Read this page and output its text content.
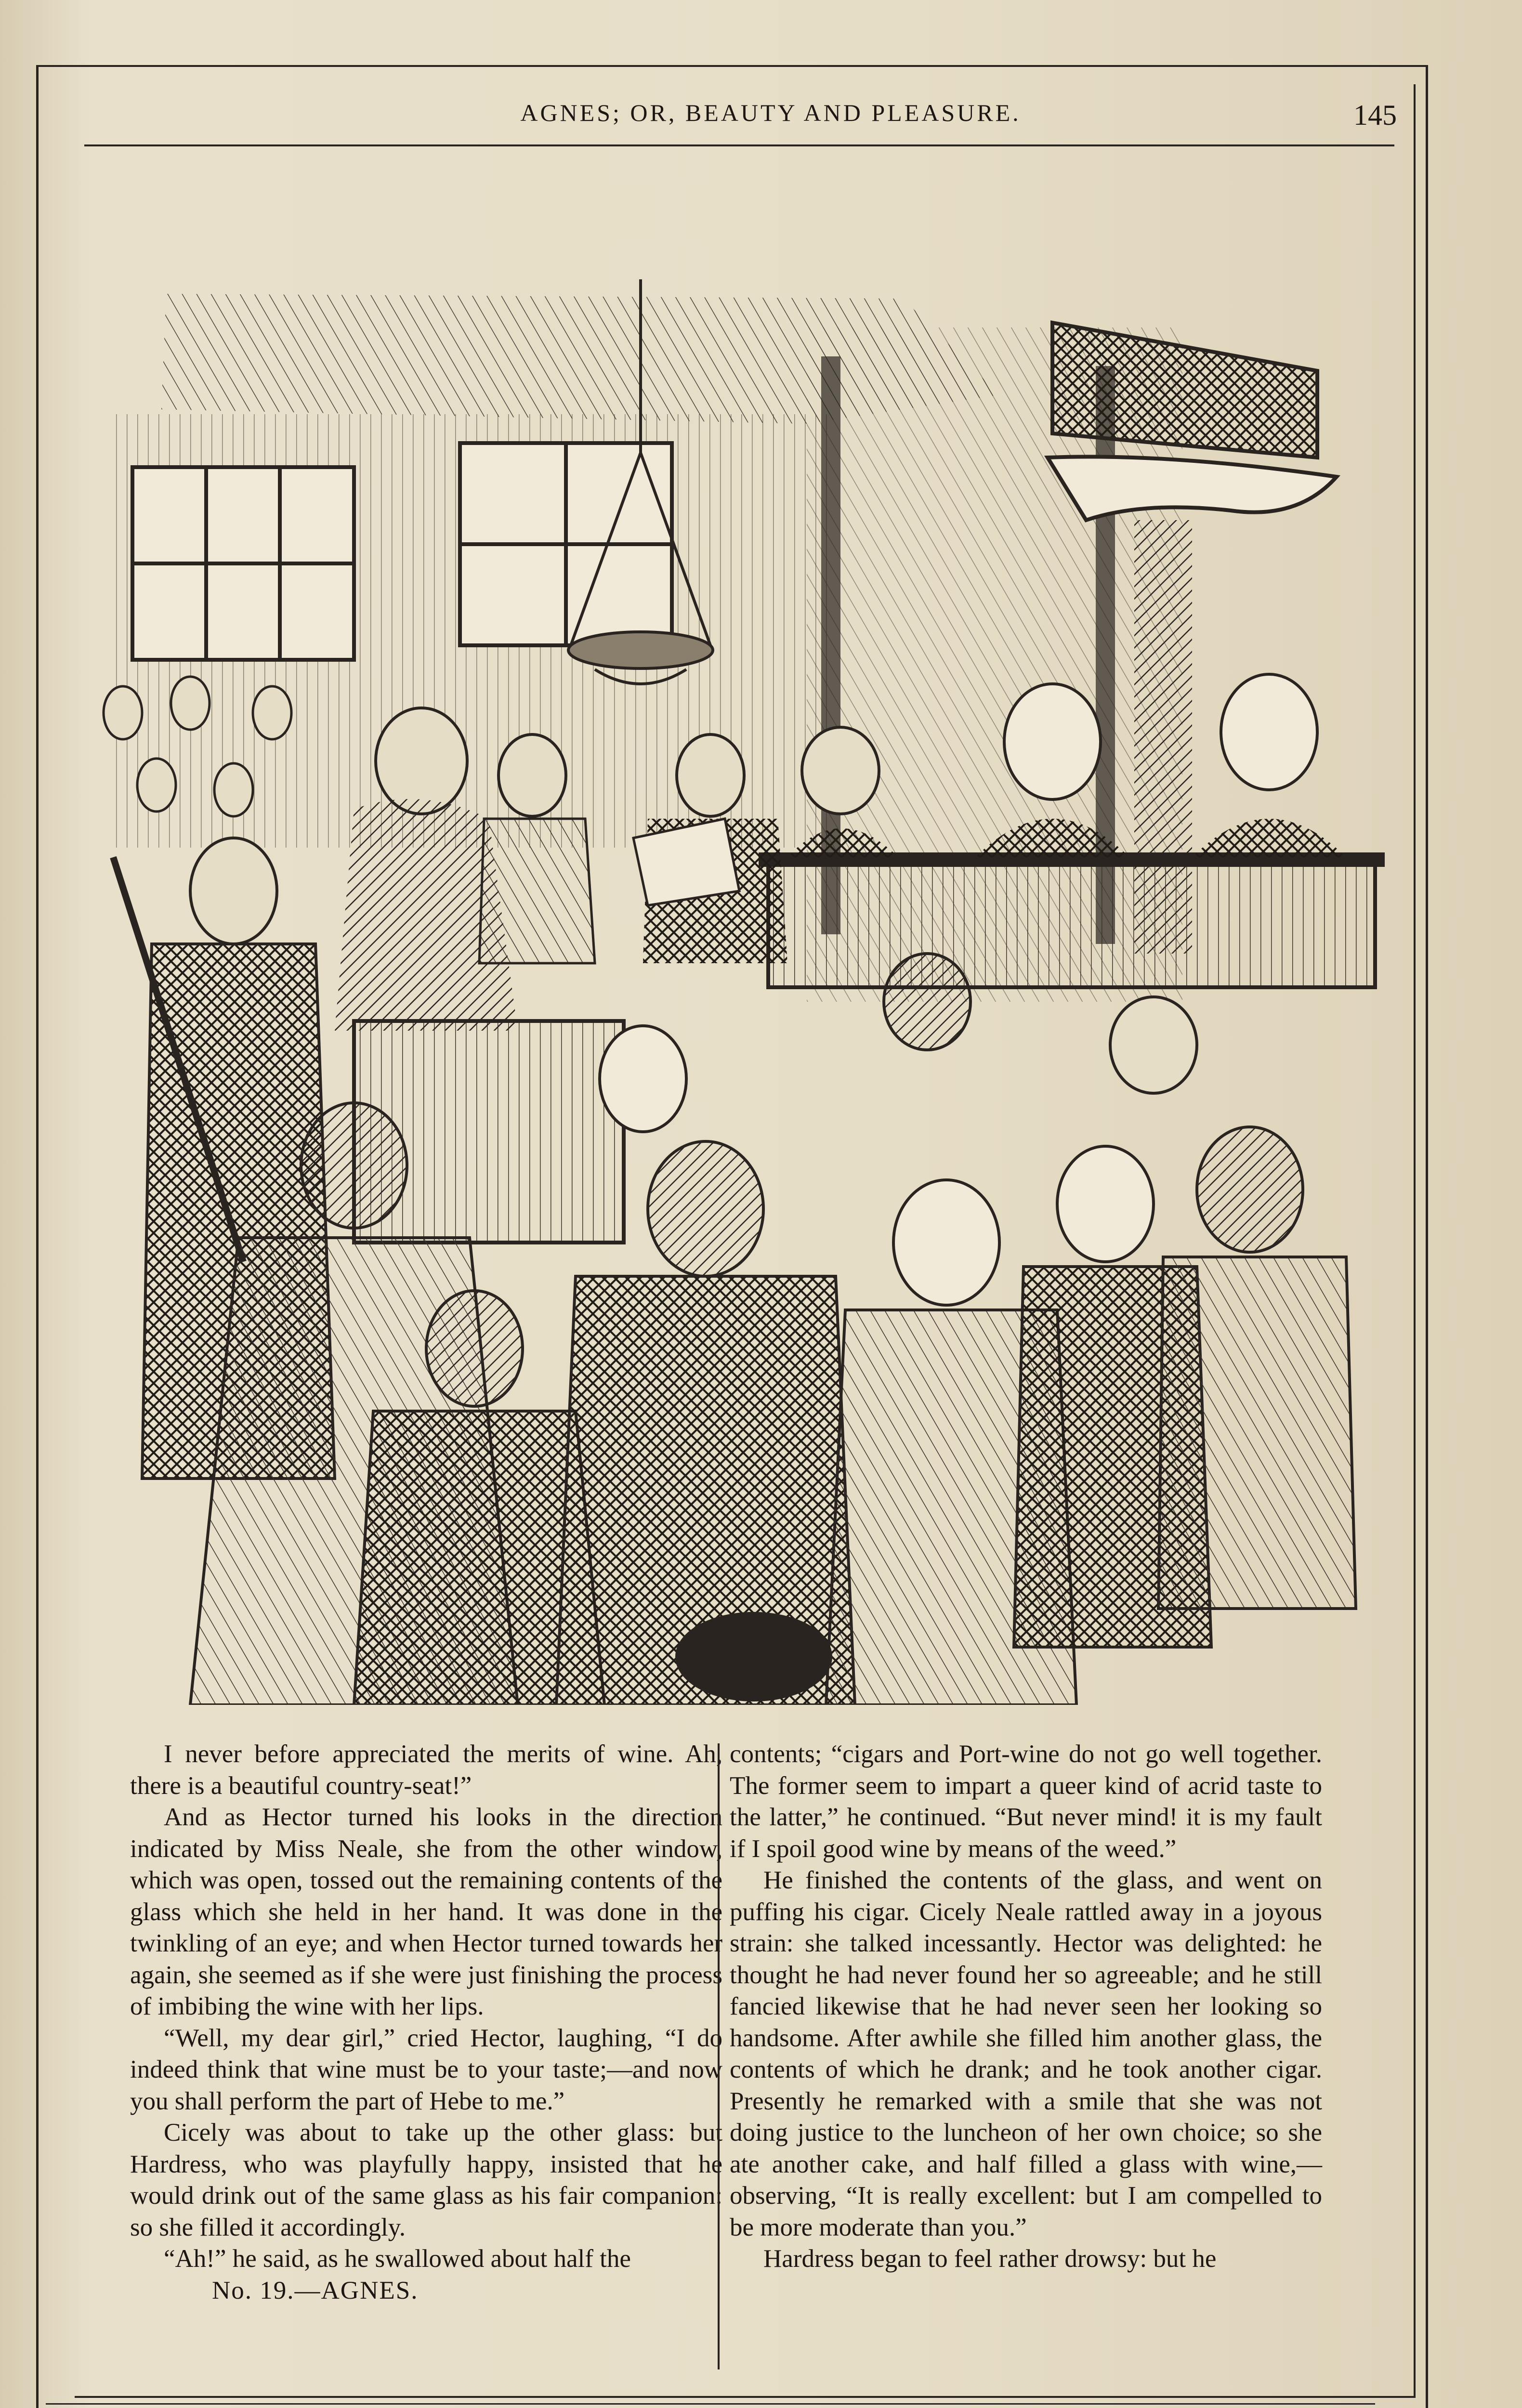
AGNES; OR, BEAUTY AND PLEASURE.	145

I never before appreciated the merits of wine. Ah, there is a beautiful country-seat!”

And as Hector turned his looks in the direction indicated by Miss Neale, she from the other window, which was open, tossed out the remaining contents of the glass which she held in her hand. It was done in the twinkling of an eye; and when Hector turned towards her again, she seemed as if she were just finishing the process of imbibing the wine with her lips.

“Well, my dear girl,” cried Hector, laughing, “I do indeed think that wine must be to your taste;—and now you shall perform the part of Hebe to me.”

Cicely was about to take up the other glass: but Hardress, who was playfully happy, insisted that he would drink out of the same glass as his fair companion: so she filled it accordingly.

“Ah!” he said, as he swallowed about half the

No. 19.—AGNES.

contents; “cigars and Port-wine do not go well together. The former seem to impart a queer kind of acrid taste to the latter,” he continued. “But never mind! it is my fault if I spoil good wine by means of the weed.”

He finished the contents of the glass, and went on puffing his cigar. Cicely Neale rattled away in a joyous strain: she talked incessantly. Hector was delighted: he thought he had never found her so agreeable; and he still fancied likewise that he had never seen her looking so handsome. After awhile she filled him another glass, the contents of which he drank; and he took another cigar. Presently he remarked with a smile that she was not doing justice to the luncheon of her own choice; so she ate another cake, and half filled a glass with wine,—observing, “It is really excellent: but I am compelled to be more moderate than you.”

Hardress began to feel rather drowsy: but he
